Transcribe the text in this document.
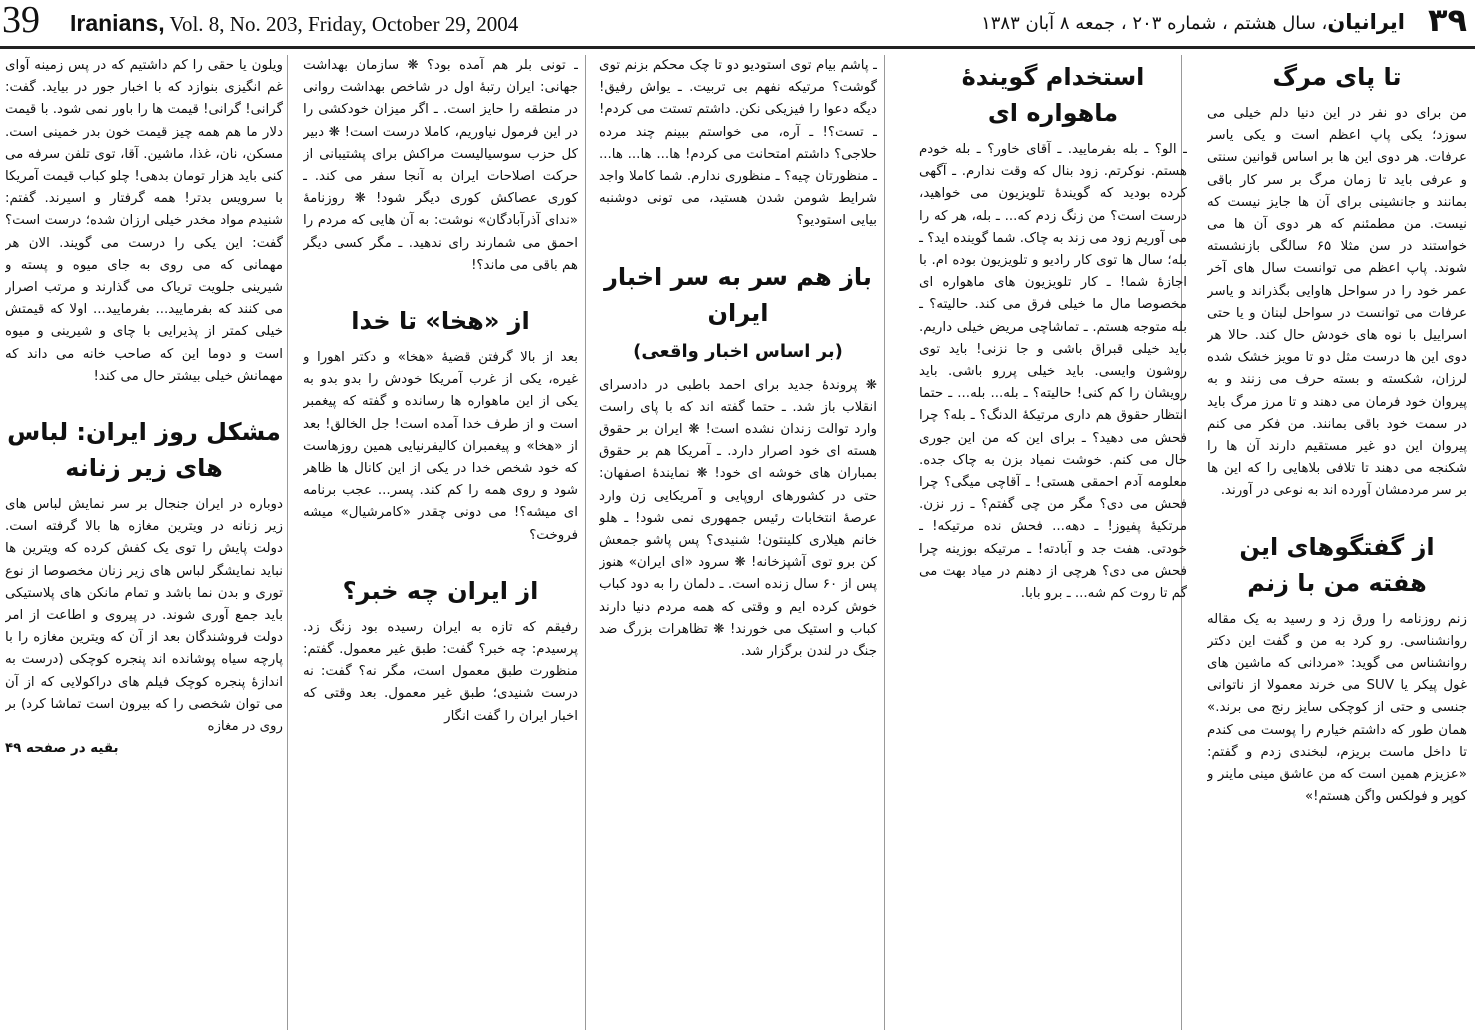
39 Iranians, Vol. 8, No. 203, Friday, October 29, 2004	ایرانیان، سال هشتم ، شماره ۲۰۳ ، جمعه ۸ آبان ۱۳۸۳	۳۹
تا پای مرگ

من برای دو نفر در این دنیا دلم خیلی می سوزد؛ یکی پاپ اعظم است و یکی یاسر عرفات. هر دوی این ها بر اساس قوانین سنتی و عرفی باید تا زمان مرگ بر سر کار باقی بمانند و جانشینی برای آن ها جایز نیست که نیست. من مطمئنم که هر دوی آن ها می خواستند در سن مثلا ۶۵ سالگی بازنشسته شوند. پاپ اعظم می توانست سال های آخر عمر خود را در سواحل هاوایی بگذراند و یاسر عرفات می توانست در سواحل لبنان و یا حتی اسراییل با نوه های خودش حال کند. حالا هر دوی این ها درست مثل دو تا مویز خشک شده لرزان، شکسته و بسته حرف می زنند و به پیروان خود فرمان می دهند و تا مرز مرگ باید در سمت خود باقی بمانند. من فکر می کنم پیروان این دو غیر مستقیم دارند آن ها را شکنجه می دهند تا تلافی بلاهایی را که این ها بر سر مردمشان آورده اند به نوعی در آورند.

از گفتگوهای این هفته من با زنم

زنم روزنامه را ورق زد و رسید به یک مقاله روانشناسی. رو کرد به من و گفت این دکتر روانشناس می گوید: «مردانی که ماشین های غول پیکر یا SUV می خرند معمولا از ناتوانی جنسی و حتی از کوچکی سایز رنج می برند.» همان طور که داشتم خیارم را پوست می کندم تا داخل ماست بریزم، لبخندی زدم و گفتم: «عزیزم همین است که من عاشق مینی ماینر و کوپر و فولکس واگن هستم!»

استخدام گویندهٔ ماهواره ای

ـ الو؟ ـ بله بفرمایید. ـ آقای خاور؟ ـ بله خودم هستم. نوکرتم. زود بنال که وقت ندارم. ـ آگهی کرده بودید که گویندهٔ تلویزیون می خواهید، درست است؟ من زنگ زدم که... ـ بله، هر که را می آوریم زود می زند به چاک. شما گوینده اید؟ ـ بله؛ سال ها توی کار رادیو و تلویزیون بوده ام. با اجازهٔ شما! ـ کار تلویزیون های ماهواره ای مخصوصا مال ما خیلی فرق می کند. حالیته؟ ـ بله متوجه هستم. ـ تماشاچی مریض خیلی داریم. باید خیلی قبراق باشی و جا نزنی! باید توی روشون وایسی. باید خیلی پررو باشی. باید رویشان را کم کنی! حالیته؟ ـ بله... بله... ـ حتما انتظار حقوق هم داری مرتیکهٔ الدنگ؟ ـ بله؟ چرا فحش می دهید؟ ـ برای این که من این جوری حال می کنم. خوشت نمیاد بزن به چاک جده. معلومه آدم احمقی هستی! ـ آقاچی میگی؟ چرا فحش می دی؟ مگر من چی گفتم؟ ـ زر نزن. مرتکیهٔ پفیوز! ـ دهه... فحش نده مرتیکه! ـ خودتی. هفت جد و آبادته! ـ مرتیکه بوزینه چرا فحش می دی؟ هرچی از دهنم در میاد بهت می گم تا روت کم شه... ـ برو بابا.

ـ پاشم بیام توی استودیو دو تا چک محکم بزنم توی گوشت؟ مرتیکه نفهم بی تربیت. ـ یواش رفیق! دیگه دعوا را فیزیکی نکن. داشتم تستت می کردم! ـ تست؟! ـ آره، می خواستم ببینم چند مرده حلاجی؟ داشتم امتحانت می کردم! ها... ها... ها... ـ منظورتان چیه؟ ـ منظوری ندارم. شما کاملا واجد شرایط شومن شدن هستید، می تونی دوشنبه بیایی استودیو؟

باز هم سر به سر اخبار ایران
(بر اساس اخبار واقعی)

❋ پروندهٔ جدید برای احمد باطبی در دادسرای انقلاب باز شد. ـ حتما گفته اند که با پای راست وارد توالت زندان نشده است! ❋ ایران بر حقوق هسته ای خود اصرار دارد. ـ آمریکا هم بر حقوق بمباران های خوشه ای خود! ❋ نمایندهٔ اصفهان: حتی در کشورهای اروپایی و آمریکایی زن وارد عرصهٔ انتخابات رئیس جمهوری نمی شود! ـ هلو خانم هیلاری کلینتون! شنیدی؟ پس پاشو جمعش کن برو توی آشپزخانه! ❋ سرود «ای ایران» هنوز پس از ۶۰ سال زنده است. ـ دلمان را به دود کباب خوش کرده ایم و وقتی که همه مردم دنیا دارند کباب و استیک می خورند! ❋ تظاهرات بزرگ ضد جنگ در لندن برگزار شد.

ـ تونی بلر هم آمده بود؟ ❋ سازمان بهداشت جهانی: ایران رتبهٔ اول در شاخص بهداشت روانی در منطقه را حایز است. ـ اگر میزان خودکشی را در این فرمول نیاوریم، کاملا درست است! ❋ دبیر کل حزب سوسیالیست مراکش برای پشتیبانی از حرکت اصلاحات ایران به آنجا سفر می کند. ـ کوری عصاکش کوری دیگر شود! ❋ روزنامهٔ «ندای آذرآبادگان» نوشت: به آن هایی که مردم را احمق می شمارند رای ندهید. ـ مگر کسی دیگر هم باقی می ماند؟!

از «هخا» تا خدا

بعد از بالا گرفتن قضیهٔ «هخا» و دکتر اهورا و غیره، یکی از غرب آمریکا خودش را بدو بدو به یکی از این ماهواره ها رسانده و گفته که پیغمبر است و از طرف خدا آمده است! جل الخالق! بعد از «هخا» و پیغمبران کالیفرنیایی همین روزهاست که خود شخص خدا در یکی از این کانال ها ظاهر شود و روی همه را کم کند. پسر... عجب برنامه ای میشه؟! می دونی چقدر «کامرشیال» میشه فروخت؟

از ایران چه خبر؟

رفیقم که تازه به ایران رسیده بود زنگ زد. پرسیدم: چه خبر؟ گفت: طبق غیر معمول. گفتم: منظورت طبق معمول است، مگر نه؟ گفت: نه درست شنیدی؛ طبق غیر معمول. بعد وقتی که اخبار ایران را گفت انگار

ویلون یا حقی را کم داشتیم که در پس زمینه آوای غم انگیزی بنوازد که با اخبار جور در بیاید. گفت: گرانی! گرانی! قیمت ها را باور نمی شود. با قیمت دلار ما هم همه چیز قیمت خون بدر خمینی است. مسکن، نان، غذا، ماشین. آقا، توی تلفن سرفه می کنی باید هزار تومان بدهی! چلو کباب قیمت آمریکا با سرویس بدتر! همه گرفتار و اسیرند. گفتم: شنیدم مواد مخدر خیلی ارزان شده؛ درست است؟ گفت: این یکی را درست می گویند. الان هر مهمانی که می روی به جای میوه و پسته و شیرینی جلویت تریاک می گذارند و مرتب اصرار می کنند که بفرمایید... بفرمایید... اولا که قیمتش خیلی کمتر از پذیرایی با چای و شیرینی و میوه است و دوما این که صاحب خانه می داند که مهمانش خیلی بیشتر حال می کند!

مشکل روز ایران: لباس های زیر زنانه

دوباره در ایران جنجال بر سر نمایش لباس های زیر زنانه در ویترین مغازه ها بالا گرفته است. دولت پایش را توی یک کفش کرده که ویترین ها نباید نمایشگر لباس های زیر زنان مخصوصا از نوع توری و بدن نما باشد و تمام مانکن های پلاستیکی باید جمع آوری شوند. در پیروی و اطاعت از امر دولت فروشندگان بعد از آن که ویترین مغازه را با پارچه سیاه پوشانده اند پنجره کوچکی (درست به اندازهٔ پنجره کوچک فیلم های دراکولایی که از آن می توان شخصی را که بیرون است تماشا کرد) بر روی در مغازه

بقیه در صفحه ۴۹
